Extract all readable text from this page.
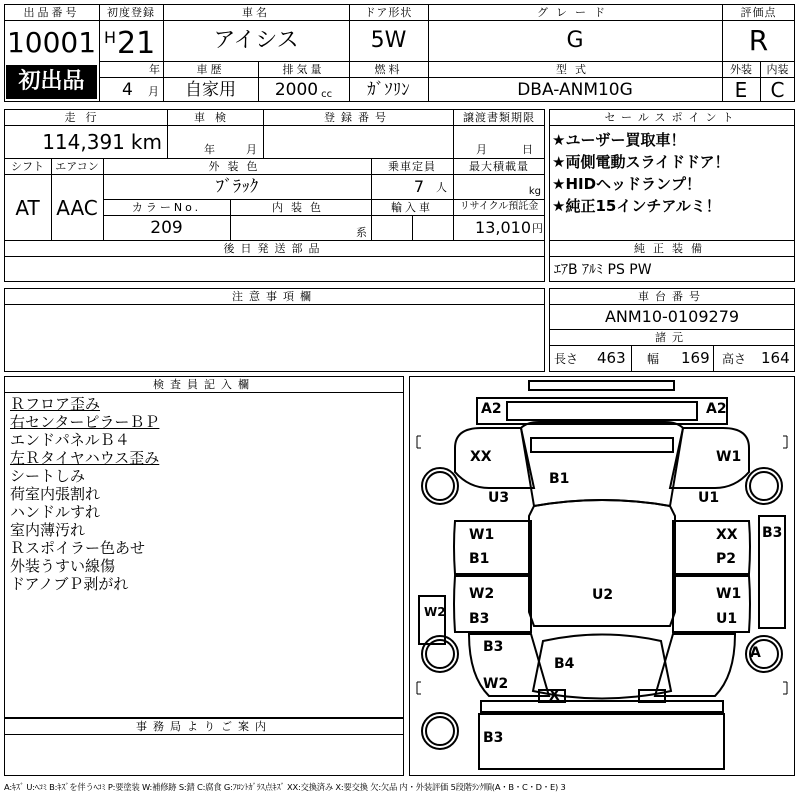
出品番号
10001
初出品
初度登録
H 21
年
4 月
車名
アイシス
ドア形状
5W
グレード
G
評価点
R
車歴
自家用
排気量
2000 cc
燃料
ｶﾞｿﾘﾝ
型式
DBA-ANM10G
外装	内装
E	C
走行
114,391 km
車検
年	月
登録番号	譲渡書類期限
月	日
シフト
AT
エアコン
AAC
外装色
ﾌﾞﾗｯｸ
乗車定員
7 人
最大積載量
kg
カラーNo.
209
内装色
系
輸入車	リサイクル預託金
13,010 円
後日発送部品
セールスポイント
★ユーザー買取車！
★両側電動スライドドア！
★HIDヘッドランプ！
★純正15インチアルミ！
純正装備
ｴｱB ｱﾙﾐ PS PW
注意事項欄	車台番号
ANM10-0109279
諸元
長さ 463 幅 169 高さ 164
検査員記入欄
Ｒフロア歪み
右センターピラーＢＰ
エンドパネルＢ４
左Ｒタイヤハウス歪み
シートしみ
荷室内張割れ
ハンドルすれ
室内薄汚れ
Ｒスポイラー色あせ
外装うすい線傷
ドアノブＰ剥がれ
事務局よりご案内
A2	A2
XX	W1
B1
U3	U1
W1
B1
XX
P2
B3
U2
W2
B3
W1
U1
W2
B3
B4
A
W2
X
B3
A:ｷｽﾞ U:ﾍｺﾐ B:ｷｽﾞを伴うﾍｺﾐ P:要塗装 W:補修跡 S:錆 C:腐食 G:ﾌﾛﾝﾄｶﾞﾗｽ点ｷｽﾞ XX:交換済み X:要交換 欠:欠品 内・外装評価 5段階ﾗﾝｸ順(A・B・C・D・E) 3
